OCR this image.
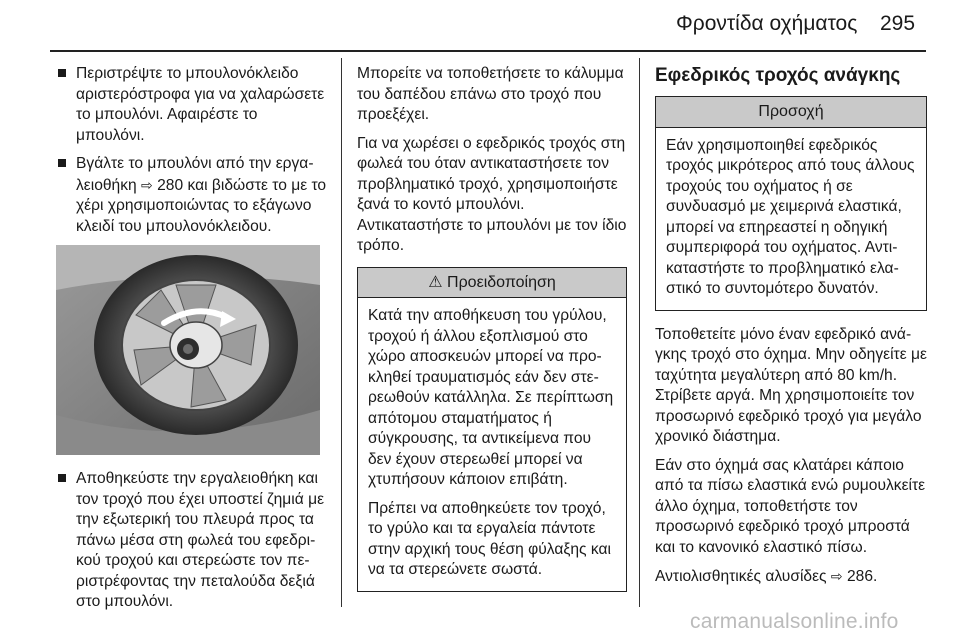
Φροντίδα οχήματος 295
Περιστρέψτε το μπουλονόκλειδο αριστερόστροφα για να χαλαρώσετε το μπουλόνι. Αφαιρέστε το μπουλόνι.
Βγάλτε το μπουλόνι από την εργαλειοθήκη ⇨ 280 και βιδώστε το με το χέρι χρησιμοποιώντας το εξάγωνο κλειδί του μπουλονόκλειδου.
Αποθηκεύστε την εργαλειοθήκη και τον τροχό που έχει υποστεί ζημιά με την εξωτερική του πλευρά προς τα πάνω μέσα στη φωλεά του εφεδρικού τροχού και στερεώστε τον περιστρέφοντας την πεταλούδα δεξιά στο μπουλόνι.

Μπορείτε να τοποθετήσετε το κάλυμμα του δαπέδου επάνω στο τροχό που προεξέχει.

Για να χωρέσει ο εφεδρικός τροχός στη φωλεά του όταν αντικαταστήσετε τον προβληματικό τροχό, χρησιμοποιήστε ξανά το κοντό μπουλόνι. Αντικαταστήστε το μπουλόνι με τον ίδιο τρόπο.

⚠ Προειδοποίηση

Κατά την αποθήκευση του γρύλου, τροχού ή άλλου εξοπλισμού στο χώρο αποσκευών μπορεί να προκληθεί τραυματισμός εάν δεν στερεωθούν κατάλληλα. Σε περίπτωση απότομου σταματήματος ή σύγκρουσης, τα αντικείμενα που δεν έχουν στερεωθεί μπορεί να χτυπήσουν κάποιον επιβάτη.

Πρέπει να αποθηκεύετε τον τροχό, το γρύλο και τα εργαλεία πάντοτε στην αρχική τους θέση φύλαξης και να τα στερεώνετε σωστά.

Εφεδρικός τροχός ανάγκης
Προσοχή

Εάν χρησιμοποιηθεί εφεδρικός τροχός μικρότερος από τους άλλους τροχούς του οχήματος ή σε συνδυασμό με χειμερινά ελαστικά, μπορεί να επηρεαστεί η οδηγική συμπεριφορά του οχήματος. Αντικαταστήστε το προβληματικό ελαστικό το συντομότερο δυνατόν.

Τοποθετείτε μόνο έναν εφεδρικό ανάγκης τροχό στο όχημα. Μην οδηγείτε με ταχύτητα μεγαλύτερη από 80 km/h. Στρίβετε αργά. Μη χρησιμοποιείτε τον προσωρινό εφεδρικό τροχό για μεγάλο χρονικό διάστημα.

Εάν στο όχημά σας κλατάρει κάποιο από τα πίσω ελαστικά ενώ ρυμουλκείτε άλλο όχημα, τοποθετήστε τον προσωρινό εφεδρικό τροχό μπροστά και το κανονικό ελαστικό πίσω.

Αντιολισθητικές αλυσίδες ⇨ 286.

carmanualsonline.info
